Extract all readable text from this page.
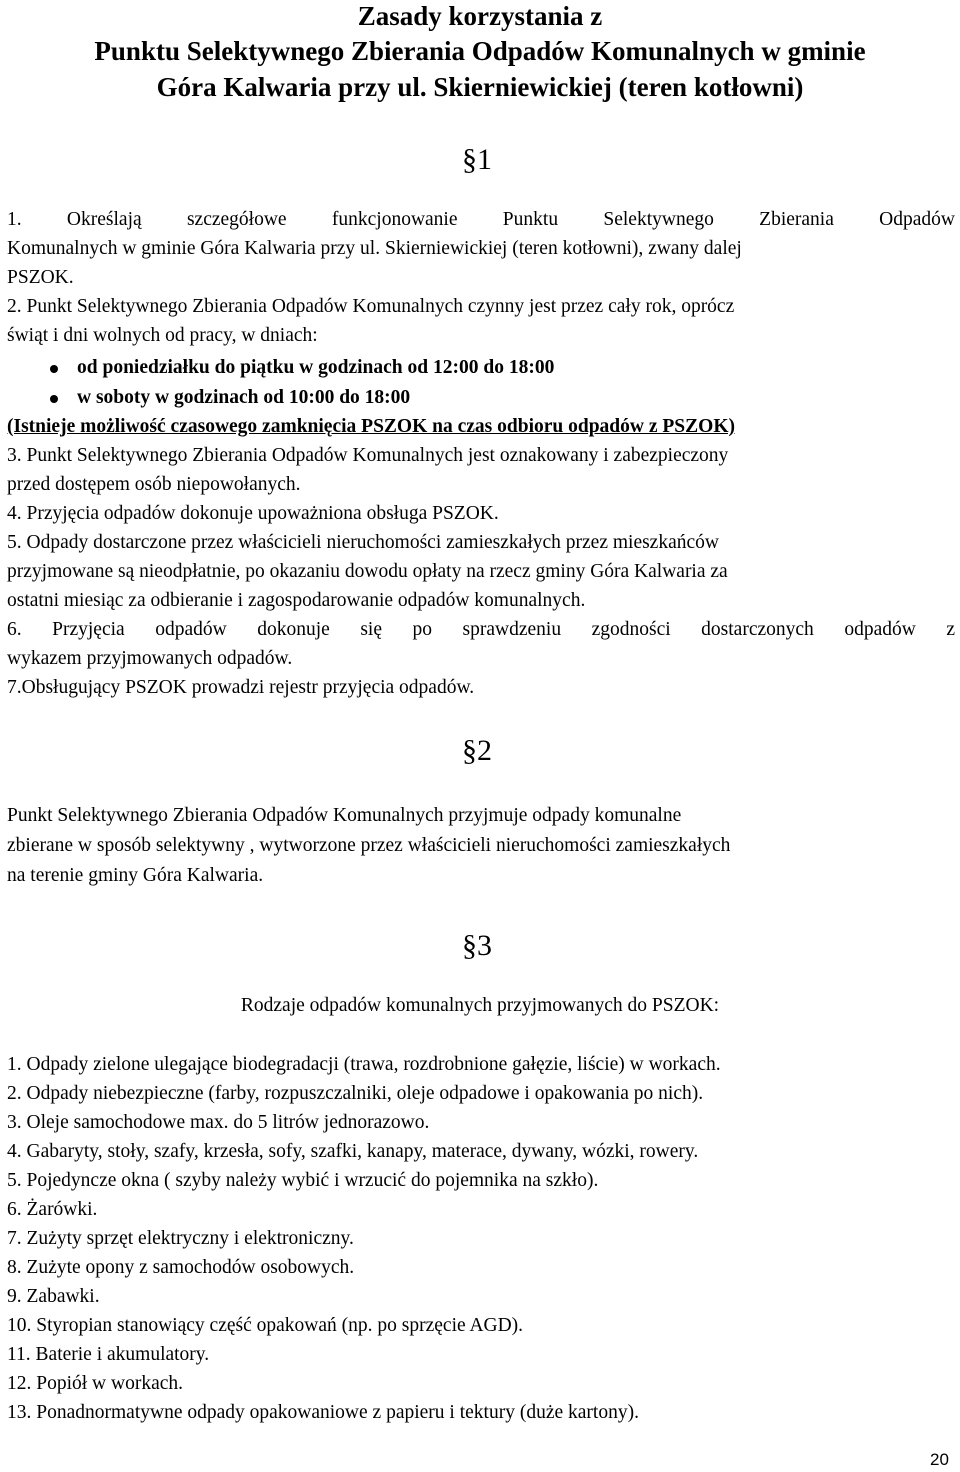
Zasady korzystania z
Punktu Selektywnego Zbierania Odpadów Komunalnych w gminie
Góra Kalwaria przy ul. Skierniewickiej (teren kotłowni)
§1
1. Określają szczegółowe funkcjonowanie Punktu Selektywnego Zbierania Odpadów
Komunalnych w gminie Góra Kalwaria przy ul. Skierniewickiej (teren kotłowni), zwany dalej
PSZOK.
2. Punkt Selektywnego Zbierania Odpadów Komunalnych czynny jest przez cały rok, oprócz
świąt i dni wolnych od pracy, w dniach:
od poniedziałku do piątku w godzinach od 12:00 do 18:00
w soboty w godzinach od 10:00 do 18:00
(Istnieje możliwość czasowego zamknięcia PSZOK na czas odbioru odpadów z PSZOK)
3. Punkt Selektywnego Zbierania Odpadów Komunalnych jest oznakowany i zabezpieczony
przed dostępem osób niepowołanych.
4. Przyjęcia odpadów dokonuje upoważniona obsługa PSZOK.
5. Odpady dostarczone przez właścicieli nieruchomości zamieszkałych przez mieszkańców
przyjmowane są nieodpłatnie, po okazaniu dowodu opłaty na rzecz gminy Góra Kalwaria za
ostatni miesiąc za odbieranie i zagospodarowanie odpadów komunalnych.
6. Przyjęcia odpadów dokonuje się po sprawdzeniu zgodności dostarczonych odpadów z
wykazem przyjmowanych odpadów.
7.Obsługujący PSZOK prowadzi rejestr przyjęcia odpadów.
§2
Punkt Selektywnego Zbierania Odpadów Komunalnych przyjmuje odpady komunalne
zbierane w sposób selektywny , wytworzone przez właścicieli nieruchomości zamieszkałych
na terenie gminy Góra Kalwaria.
§3
Rodzaje odpadów komunalnych przyjmowanych do PSZOK:
1. Odpady zielone ulegające biodegradacji (trawa, rozdrobnione gałęzie, liście) w workach.
2. Odpady niebezpieczne (farby, rozpuszczalniki, oleje odpadowe i opakowania po nich).
3. Oleje samochodowe max. do 5 litrów jednorazowo.
4. Gabaryty, stoły, szafy, krzesła, sofy, szafki, kanapy, materace, dywany, wózki, rowery.
5. Pojedyncze okna ( szyby należy wybić i wrzucić do pojemnika na szkło).
6. Żarówki.
7. Zużyty sprzęt elektryczny i elektroniczny.
8. Zużyte opony z samochodów osobowych.
9. Zabawki.
10. Styropian stanowiący część opakowań (np. po sprzęcie AGD).
11. Baterie i akumulatory.
12. Popiół w workach.
13. Ponadnormatywne odpady opakowaniowe z papieru i tektury (duże kartony).
20
